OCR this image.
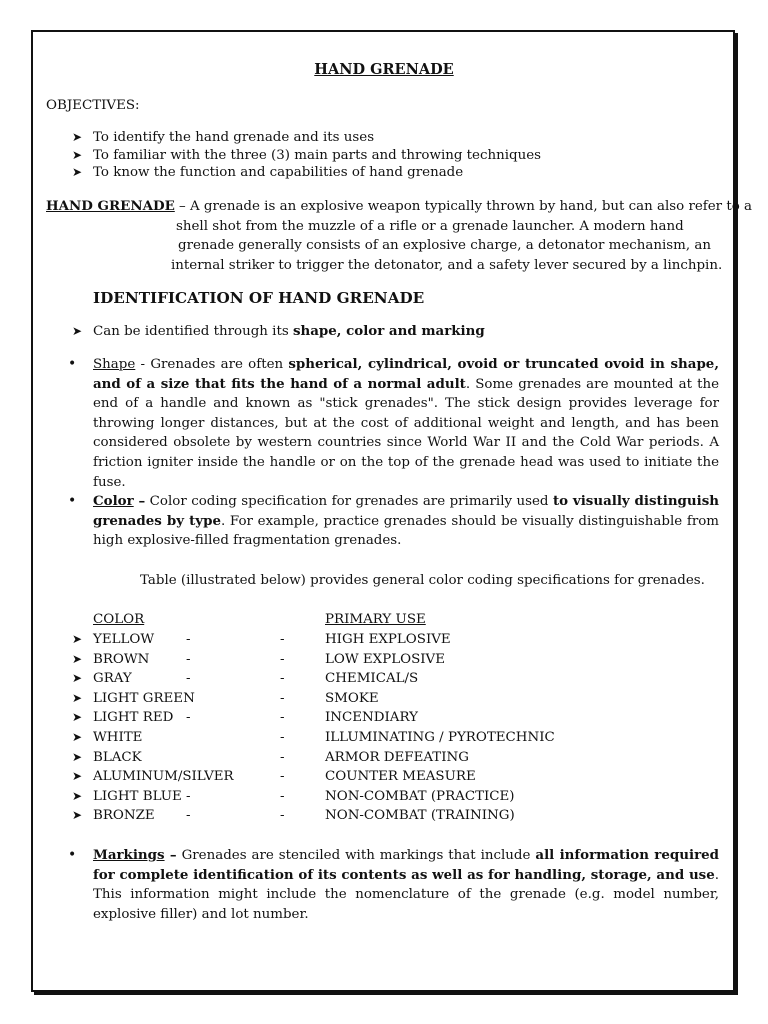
HAND GRENADE
OBJECTIVES:
➤ To identify the hand grenade and its uses
➤ To familiar with the three (3) main parts and throwing techniques
➤ To know the function and capabilities of hand grenade
HAND GRENADE – A grenade is an explosive weapon typically thrown by hand, but can also refer to a
shell shot from the muzzle of a rifle or a grenade launcher. A modern hand
grenade generally consists of an explosive charge, a detonator mechanism, an
internal striker to trigger the detonator, and a safety lever secured by a linchpin.
IDENTIFICATION OF HAND GRENADE
➤ Can be identified through its shape, color and marking
• Shape - Grenades are often spherical, cylindrical, ovoid or truncated ovoid in shape, and of a size that fits the hand of a normal adult. Some grenades are mounted at the end of a handle and known as "stick grenades". The stick design provides leverage for throwing longer distances, but at the cost of additional weight and length, and has been considered obsolete by western countries since World War II and the Cold War periods. A friction igniter inside the handle or on the top of the grenade head was used to initiate the fuse.
• Color – Color coding specification for grenades are primarily used to visually distinguish grenades by type. For example, practice grenades should be visually distinguishable from high explosive-filled fragmentation grenades.
Table (illustrated below) provides general color coding specifications for grenades.
COLOR	PRIMARY USE
➤ YELLOW -	-	HIGH EXPLOSIVE
➤ BROWN	-	-	LOW EXPLOSIVE
➤ GRAY	-	-	CHEMICAL/S
➤ LIGHT GREEN	-	SMOKE
➤ LIGHT RED -	-	INCENDIARY
➤ WHITE	-	ILLUMINATING / PYROTECHNIC
➤ BLACK	-	ARMOR DEFEATING
➤ ALUMINUM/SILVER	-	COUNTER MEASURE
➤ LIGHT BLUE -	-	NON-COMBAT (PRACTICE)
➤ BRONZE -	-	NON-COMBAT (TRAINING)
• Markings – Grenades are stenciled with markings that include all information required for complete identification of its contents as well as for handling, storage, and use. This information might include the nomenclature of the grenade (e.g. model number, explosive filler) and lot number.
